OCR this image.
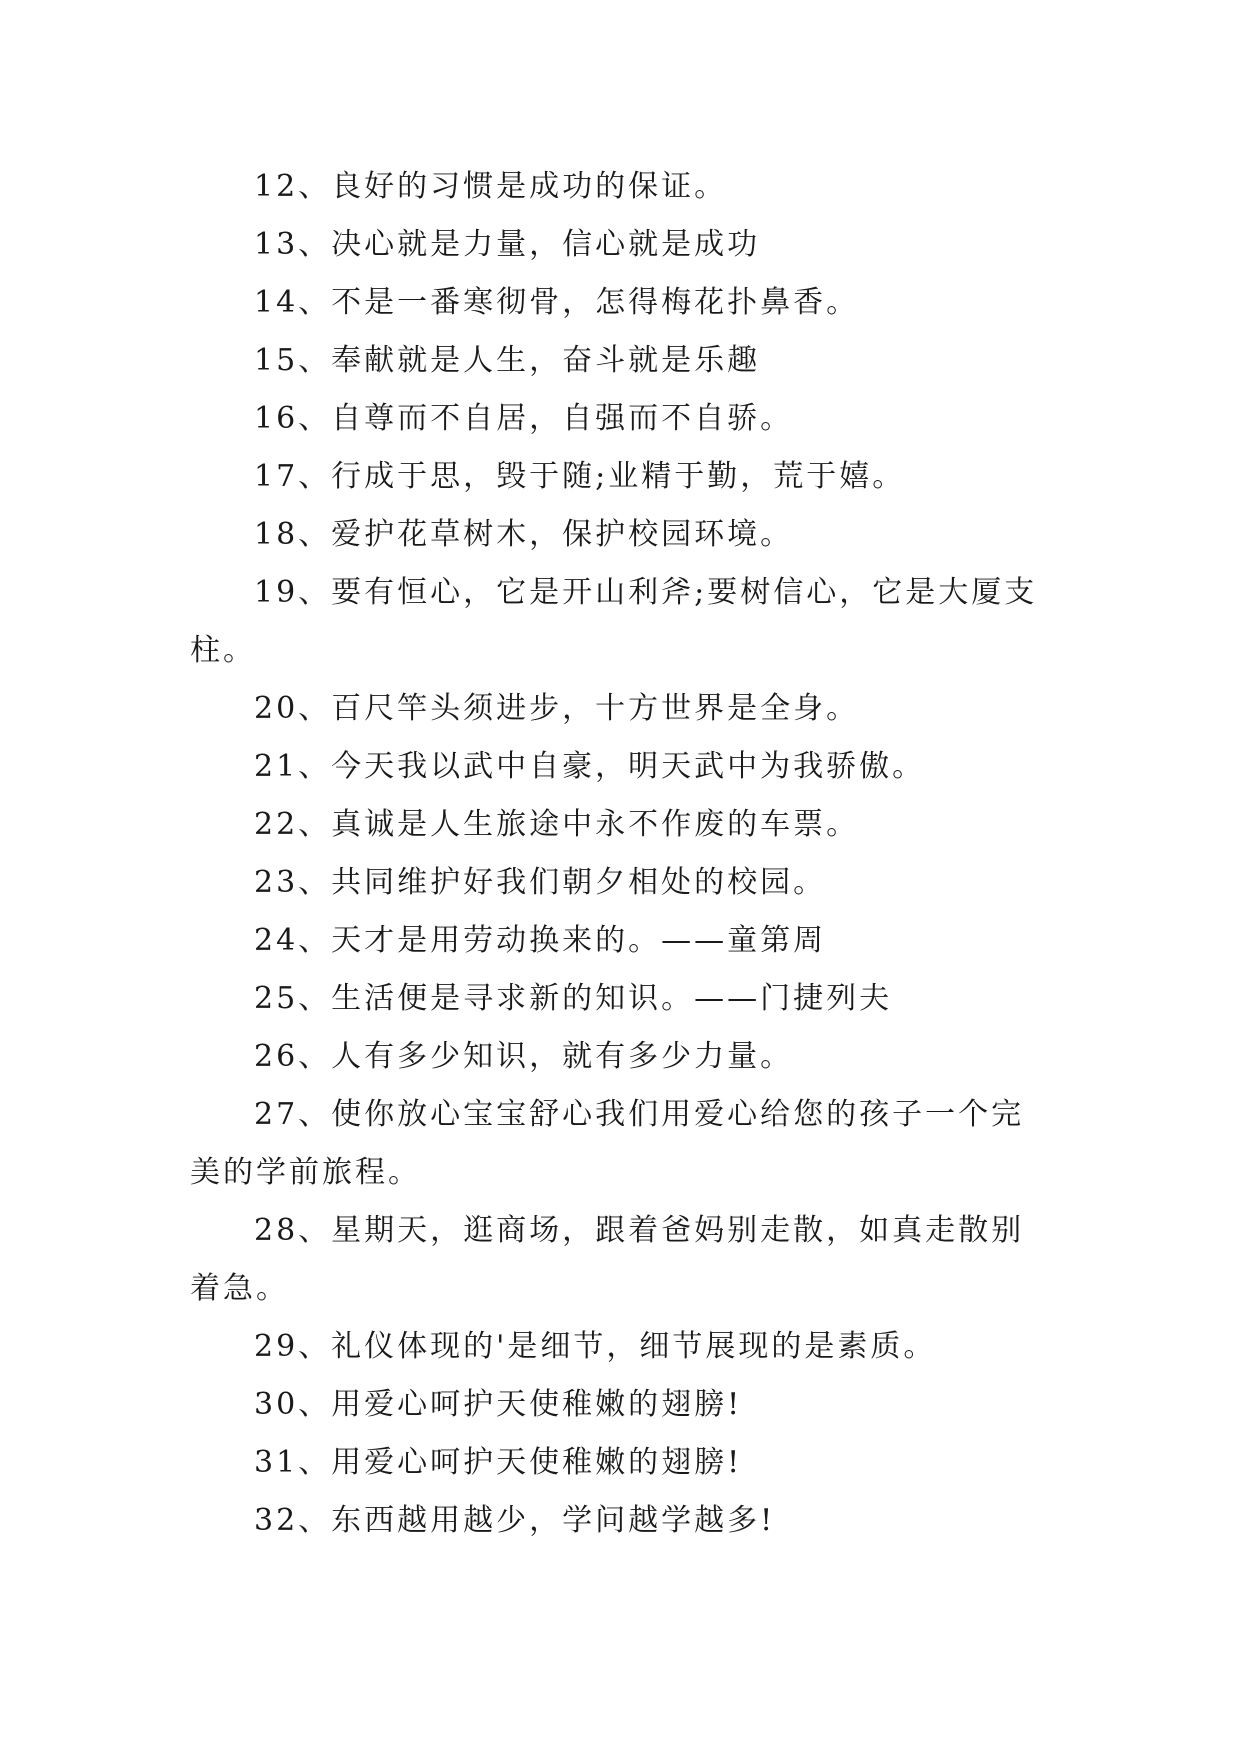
12、良好的习惯是成功的保证。

13、决心就是力量，信心就是成功

14、不是一番寒彻骨，怎得梅花扑鼻香。

15、奉献就是人生，奋斗就是乐趣

16、自尊而不自居，自强而不自骄。

17、行成于思，毁于随;业精于勤，荒于嬉。

18、爱护花草树木，保护校园环境。

19、要有恒心，它是开山利斧;要树信心，它是大厦支柱。

20、百尺竿头须进步，十方世界是全身。

21、今天我以武中自豪，明天武中为我骄傲。

22、真诚是人生旅途中永不作废的车票。

23、共同维护好我们朝夕相处的校园。

24、天才是用劳动换来的。——童第周

25、生活便是寻求新的知识。——门捷列夫

26、人有多少知识，就有多少力量。

27、使你放心宝宝舒心我们用爱心给您的孩子一个完美的学前旅程。

28、星期天，逛商场，跟着爸妈别走散，如真走散别着急。

29、礼仪体现的'是细节，细节展现的是素质。

30、用爱心呵护天使稚嫩的翅膀!

31、用爱心呵护天使稚嫩的翅膀!

32、东西越用越少，学问越学越多!
